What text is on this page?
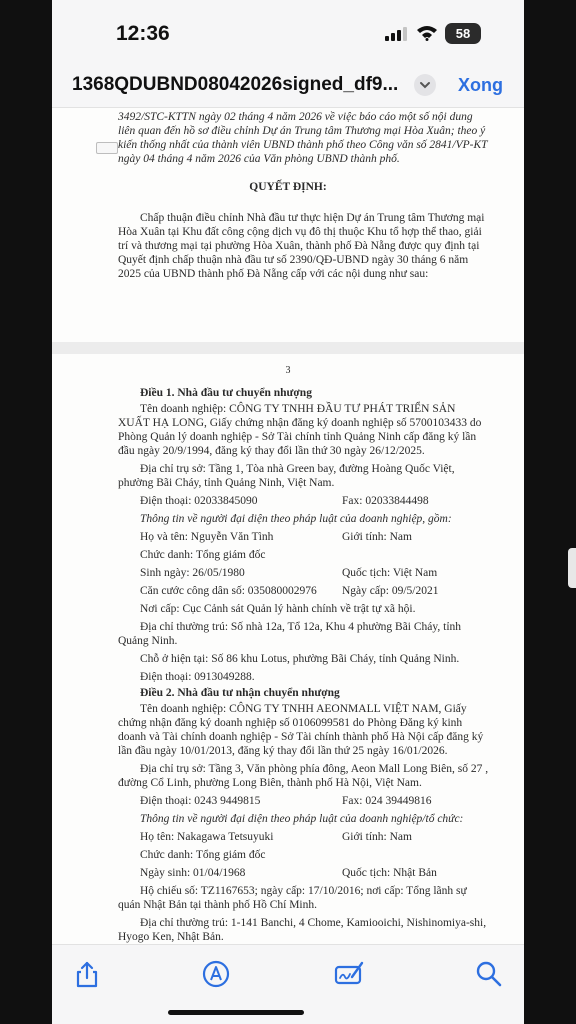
12:36	58
1368QDUBND08042026signed_df9...	Xong
3492/STC-KTTN ngày 02 tháng 4 năm 2026 về việc báo cáo một số nội dung
liên quan đến hồ sơ điều chỉnh Dự án Trung tâm Thương mại Hòa Xuân; theo ý
kiến thống nhất của thành viên UBND thành phố theo Công văn số 2841/VP-KT
ngày 04 tháng 4 năm 2026 của Văn phòng UBND thành phố.
QUYẾT ĐỊNH:
Chấp thuận điều chỉnh Nhà đầu tư thực hiện Dự án Trung tâm Thương mại
Hòa Xuân tại Khu đất công cộng dịch vụ đô thị thuộc Khu tổ hợp thể thao, giải
trí và thương mại tại phường Hòa Xuân, thành phố Đà Nẵng được quy định tại
Quyết định chấp thuận nhà đầu tư số 2390/QĐ-UBND ngày 30 tháng 6 năm
2025 của UBND thành phố Đà Nẵng cấp với các nội dung như sau:
3
Điều 1. Nhà đầu tư chuyển nhượng
Tên doanh nghiệp: CÔNG TY TNHH ĐẦU TƯ PHÁT TRIỂN SẢN
XUẤT HẠ LONG, Giấy chứng nhận đăng ký doanh nghiệp số 5700103433 do
Phòng Quản lý doanh nghiệp - Sở Tài chính tỉnh Quảng Ninh cấp đăng ký lần
đầu ngày 20/9/1994, đăng ký thay đổi lần thứ 30 ngày 26/12/2025.
Địa chỉ trụ sở: Tầng 1, Tòa nhà Green bay, đường Hoàng Quốc Việt,
phường Bãi Cháy, tỉnh Quảng Ninh, Việt Nam.
Điện thoại: 02033845090	Fax: 02033844498
Thông tin về người đại diện theo pháp luật của doanh nghiệp, gồm:
Họ và tên: Nguyễn Văn Tình	Giới tính: Nam
Chức danh: Tổng giám đốc
Sinh ngày: 26/05/1980	Quốc tịch: Việt Nam
Căn cước công dân số: 035080002976 Ngày cấp: 09/5/2021
Nơi cấp: Cục Cảnh sát Quản lý hành chính về trật tự xã hội.
Địa chỉ thường trú: Số nhà 12a, Tổ 12a, Khu 4 phường Bãi Cháy, tỉnh
Quảng Ninh.
Chỗ ở hiện tại: Số 86 khu Lotus, phường Bãi Cháy, tỉnh Quảng Ninh.
Điện thoại: 0913049288.
Điều 2. Nhà đầu tư nhận chuyển nhượng
Tên doanh nghiệp: CÔNG TY TNHH AEONMALL VIỆT NAM, Giấy
chứng nhận đăng ký doanh nghiệp số 0106099581 do Phòng Đăng ký kinh
doanh và Tài chính doanh nghiệp - Sở Tài chính thành phố Hà Nội cấp đăng ký
lần đầu ngày 10/01/2013, đăng ký thay đổi lần thứ 25 ngày 16/01/2026.
Địa chỉ trụ sở: Tầng 3, Văn phòng phía đông, Aeon Mall Long Biên, số 27 ,
đường Cổ Linh, phường Long Biên, thành phố Hà Nội, Việt Nam.
Điện thoại: 0243 9449815	Fax: 024 39449816
Thông tin về người đại diện theo pháp luật của doanh nghiệp/tổ chức:
Họ tên: Nakagawa Tetsuyuki	Giới tính: Nam
Chức danh: Tổng giám đốc
Ngày sinh: 01/04/1968	Quốc tịch: Nhật Bản
Hộ chiếu số: TZ1167653; ngày cấp: 17/10/2016; nơi cấp: Tổng lãnh sự
quán Nhật Bản tại thành phố Hồ Chí Minh.
Địa chỉ thường trú: 1-141 Banchi, 4 Chome, Kamiooichi, Nishinomiya-shi,
Hyogo Ken, Nhật Bản.
